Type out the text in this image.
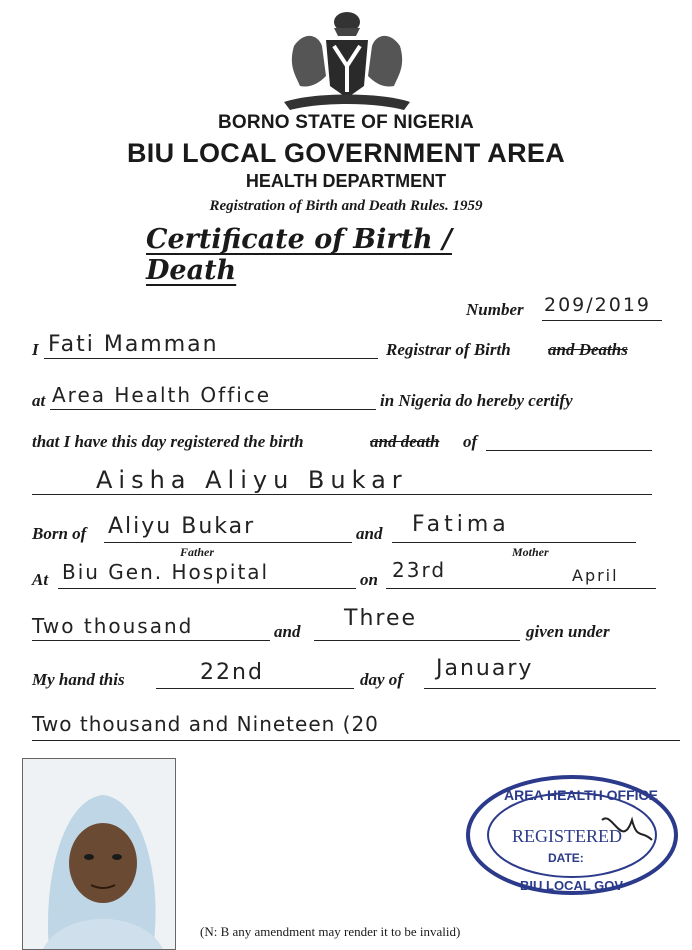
BORNO STATE OF NIGERIA
BIU LOCAL GOVERNMENT AREA
HEALTH DEPARTMENT
Registration of Birth and Death Rules. 1959
Certificate of Birth / Death
Number 209/2019
I Fati Mamman	Registrar of Birth and Deaths
at Area Health Office	in Nigeria do hereby certify
that I have this day registered the birth	and death of
Aisha Aliyu Bukar
Born of Aliyu Bukar	and Fatima
Father	Mother
At Biu Gen. Hospital	on 23rd	April
Two thousand	and
Three
given under
My hand this	22nd	day of January
Two thousand and Nineteen (20
AREA HEALTH OFFICE
REGISTERED
DATE:
BIU LOCAL GOV
(N: B any amendment may render it to be invalid)
